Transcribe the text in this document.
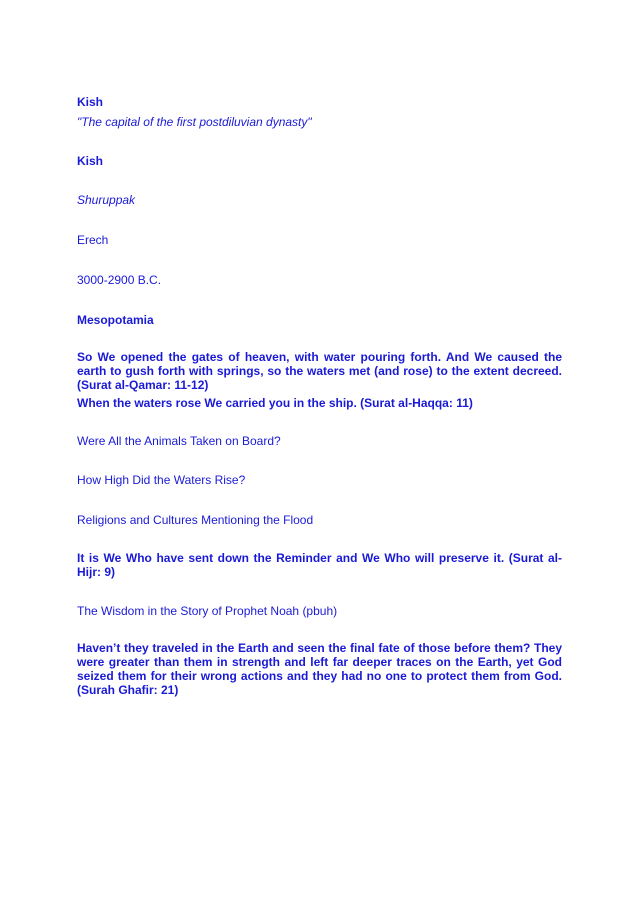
Kish
"The capital of the first postdiluvian dynasty"
Kish
Shuruppak
Erech
3000-2900 B.C.
Mesopotamia
So We opened the gates of heaven, with water pouring forth. And We caused the earth to gush forth with springs, so the waters met (and rose) to the extent decreed. (Surat al-Qamar: 11-12)
When the waters rose We carried you in the ship. (Surat al-Haqqa: 11)
Were All the Animals Taken on Board?
How High Did the Waters Rise?
Religions and Cultures Mentioning the Flood
It is We Who have sent down the Reminder and We Who will preserve it. (Surat al-Hijr: 9)
The Wisdom in the Story of Prophet Noah (pbuh)
Haven’t they traveled in the Earth and seen the final fate of those before them? They were greater than them in strength and left far deeper traces on the Earth, yet God seized them for their wrong actions and they had no one to protect them from God. (Surah Ghafir: 21)
